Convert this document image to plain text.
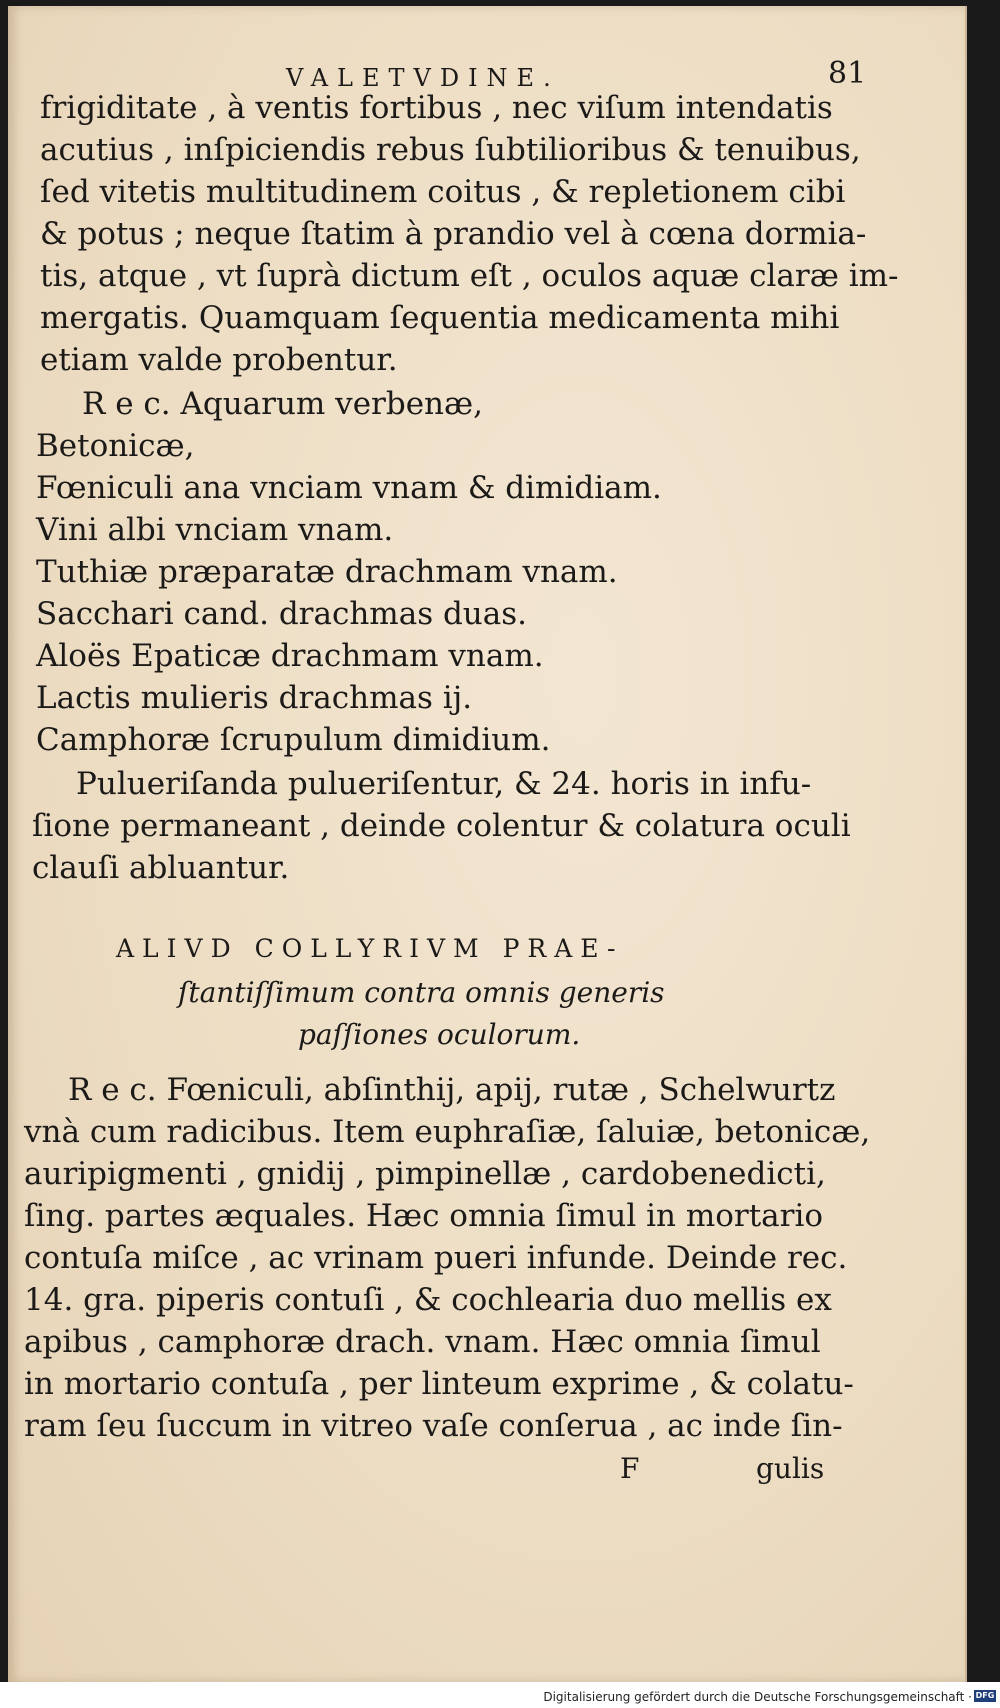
VALETVDINE.	81
frigiditate , à ventis fortibus , nec viſum intendatis
acutius , inſpiciendis rebus ſubtilioribus & tenuibus,
ſed vitetis multitudinem coitus , & repletionem cibi
& potus ; neque ſtatim à prandio vel à cœna dormia-
tis, atque , vt ſuprà dictum eſt , oculos aquæ claræ im-
mergatis. Quamquam ſequentia medicamenta mihi
etiam valde probentur.
R e c. Aquarum verbenæ,
Betonicæ,
Fœniculi ana vnciam vnam & dimidiam.
Vini albi vnciam vnam.
Tuthiæ præparatæ drachmam vnam.
Sacchari cand. drachmas duas.
Aloës Epaticæ drachmam vnam.
Lactis mulieris drachmas ij.
Camphoræ ſcrupulum dimidium.
Pulueriſanda pulueriſentur, & 24. horis in infu-
ſione permaneant , deinde colentur & colatura oculi
clauſi abluantur.
ALIVD COLLYRIVM PRAE-
ſtantiſſimum contra omnis generis
paſſiones oculorum.
R e c. Fœniculi, abſinthij, apij, rutæ , Schelwurtz
vnà cum radicibus. Item euphraſiæ, ſaluiæ, betonicæ,
auripigmenti , gnidij , pimpinellæ , cardobenedicti,
ſing. partes æquales. Hæc omnia ſimul in mortario
contuſa miſce , ac vrinam pueri infunde. Deinde rec.
14. gra. piperis contuſi , & cochlearia duo mellis ex
apibus , camphoræ drach. vnam. Hæc omnia ſimul
in mortario contuſa , per linteum exprime , & colatu-
ram ſeu ſuccum in vitreo vaſe conſerua , ac inde ſin-
F	gulis
Digitalisierung gefördert durch die Deutsche Forschungsgemeinschaft · DFG
